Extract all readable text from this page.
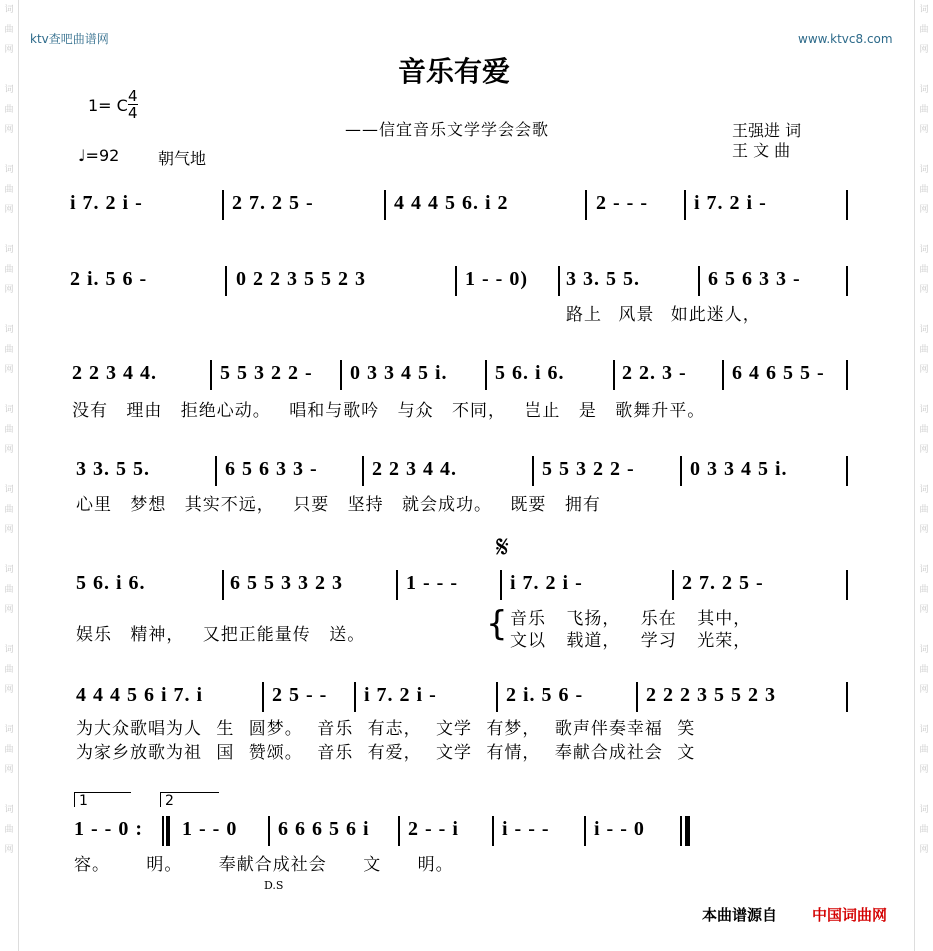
词
曲
网

词
曲
网

词
曲
网

词
曲
网

词
曲
网

词
曲
网

词
曲
网

词
曲
网

词
曲
网

词
曲
网

词
曲
网
词
曲
网

词
曲
网

词
曲
网

词
曲
网

词
曲
网

词
曲
网

词
曲
网

词
曲
网

词
曲
网

词
曲
网

词
曲
网
ktv查吧曲谱网	www.ktvc8.com
音乐有爱
1= C 4
4
——信宜音乐文学学会会歌	王强进 词
王 文 曲
♩=92 朝气地
i 7. 2 i -	2 7. 2 5 -	4 4 4 5 6. i 2	2 - - - i 7. 2 i -
2 i. 5 6 -	0 2 2 3 5 5 2 3	1 - - 0) 3 3. 5 5.	6 5 6 3 3 -
路上 风景 如此迷人，
2 2 3 4 4.	5 5 3 2 2 - 0 3 3 4 5 i. 5 6. i 6.	2 2. 3 - 6 4 6 5 5 -
没有 理由 拒绝心动。 唱和与歌吟 与众 不同， 岂止 是 歌舞升平。
3 3. 5 5.	6 5 6 3 3 -	2 2 3 4 4.	5 5 3 2 2 -	0 3 3 4 5 i.
心里 梦想 其实不远， 只要 坚持 就会成功。 既要 拥有
𝄋
5 6. i 6.	6 5 5 3 3 2 3	1 - - -	i 7. 2 i -	2 7. 2 5 -
娱乐 精神， 又把正能量传 送。	{ 音乐 飞扬， 乐在 其中，
文以 载道， 学习 光荣，
4 4 4 5 6 i 7. i	2 5 - - i 7. 2 i -	2 i. 5 6 -	2 2 2 3 5 5 2 3
为大众歌唱为人 生 圆梦。 音乐 有志， 文学 有梦， 歌声伴奏幸福 笑
为家乡放歌为祖 国 赞颂。 音乐 有爱， 文学 有情， 奉献合成社会 文
1	2
1 - - 0 : 1 - - 0 6 6 6 5 6 i 2 - - i i - - - i - - 0
容。 明。 奉献合成社会 文 明。
D.S
本曲谱源自 中国词曲网
